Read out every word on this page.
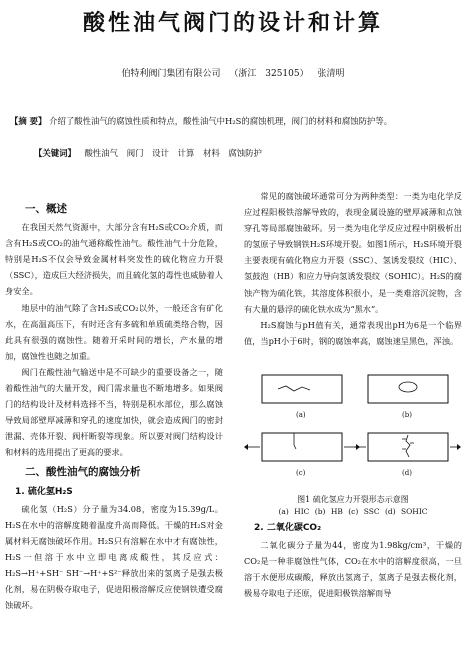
酸性油气阀门的设计和计算
伯特利阀门集团有限公司 （浙江 325105） 张清明
【摘 要】 介绍了酸性油气的腐蚀性质和特点，酸性油气中H₂S的腐蚀机理，阀门的材料和腐蚀防护等。
【关键词】 酸性油气 阀门 设计 计算 材料 腐蚀防护

一、概述

在我国天然气资源中，大部分含有H₂S或CO₂介质，而含有H₂S或CO₂的油气通称酸性油气。酸性油气十分危险，特别是H₂S不仅会导致金属材料突发性的硫化物应力开裂（SSC），造成巨大经济损失，而且硫化氢的毒性也威胁着人身安全。

地层中的油气除了含H₂S或CO₂以外，一般还含有矿化水，在高温高压下，有时还含有多硫和单质硫类络合物，因此具有很强的腐蚀性。随着开采时间的增长，产水量的增加，腐蚀性也随之加重。

阀门在酸性油气输送中是不可缺少的重要设备之一，随着酸性油气的大量开发，阀门需求量也不断地增多。如果阀门的结构设计及材料选择不当，特别是积水部位，那么腐蚀导致局部壁厚减薄和穿孔的速度加快，就会造成阀门的密封泄漏、壳体开裂、阀杆断裂等现象。所以要对阀门结构设计和材料的选用提出了更高的要求。

二、酸性油气的腐蚀分析

1. 硫化氢H₂S

硫化氢（H₂S）分子量为34.08，密度为15.39g/L。H₂S在水中的溶解度随着温度升高而降低。干燥的H₂S对金属材料无腐蚀破坏作用。H₂S只有溶解在水中才有腐蚀性，H₂S一但溶于水中立即电离成酸性，其反应式：H₂S→H⁺+SH⁻ SH⁻→H⁺+S²⁻释放出来的氢离子是强去极化剂，易在阴极夺取电子，促进阳极溶解反应使钢铁遭受腐蚀破坏。

常见的腐蚀破坏通常可分为两种类型：一类为电化学反应过程阳极铁溶解导致的，表现金属设施的壁厚减薄和点蚀穿孔等局部腐蚀破坏。另一类为电化学反应过程中阴极析出的氢原子导致钢铁H₂S环境开裂。如图1所示，H₂S环境开裂主要表现有硫化物应力开裂（SSC）、氢诱发裂纹（HIC）、氢鼓泡（HB）和应力导向氢诱发裂纹（SOHIC）。H₂S的腐蚀产物为硫化铁，其溶度体积很小，是一类难溶沉淀物，含有大量的悬浮的硫化铁水成为“黑水”。

H₂S腐蚀与pH值有关，通常表现出pH为6是一个临界值，当pH小于6时，钢的腐蚀率高，腐蚀速呈黑色，浑浊。

(a)	(b)
(c)	(d)

图1 硫化氢应力开裂形态示意图

(a) HIC (b) HB (c) SSC (d) SOHIC

2. 二氧化碳CO₂

二氧化碳分子量为44，密度为1.98kg/cm³，干燥的CO₂是一种非腐蚀性气体，CO₂在水中的溶解度很高，一旦溶于水便形成碳酸，释放出氢离子，氢离子是强去极化剂，极易夺取电子还原，促进阳极铁溶解而导
